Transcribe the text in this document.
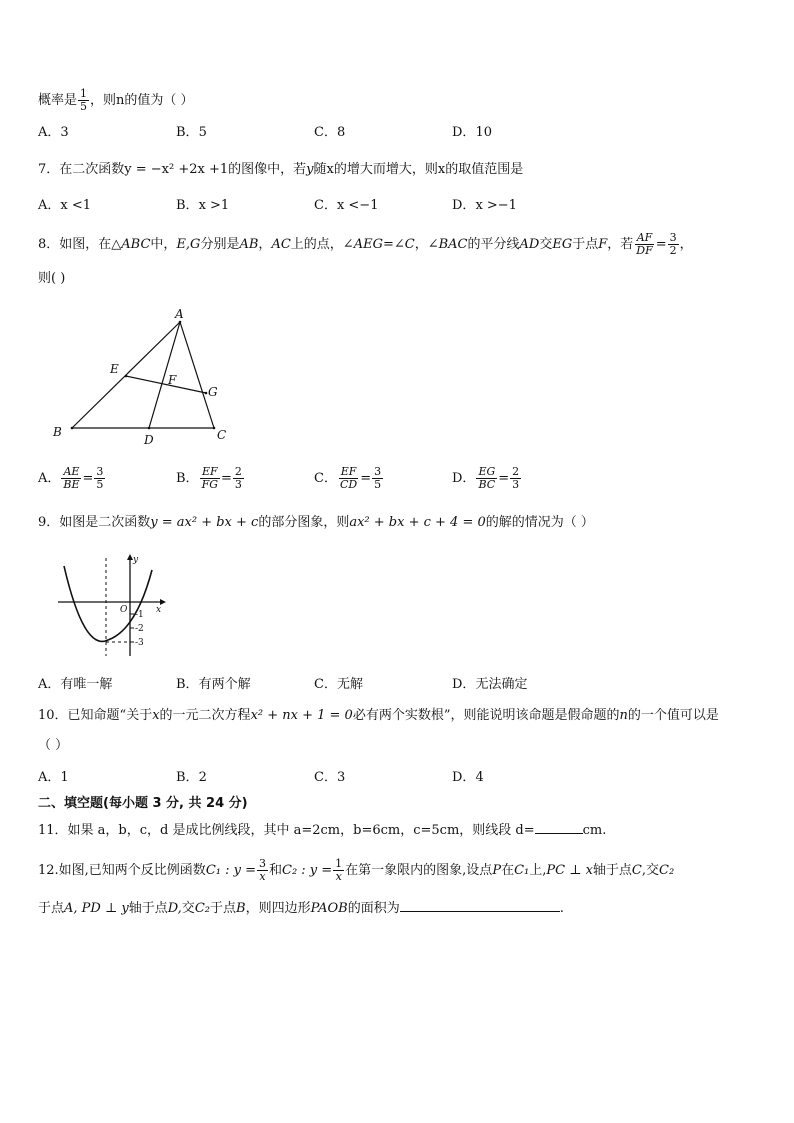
概率是 $\frac{1}{5}$ ，则n的值为（ ）
A．3	B．5	C．8	D．10
7．在二次函数y = −x² +2x +1的图像中，若y随x的增大而增大，则x的取值范围是
A．x <1	B．x >1	C．x <−1	D．x >−1
8．如图，在△ABC中，E,G分别是AB，AC上的点，∠AEG=∠C，∠BAC的平分线AD交EG于点F，若 $\frac{AF}{DF} = \frac{3}{2}$ ，
则( )
A
B	C
D
E
F
G
A． $\frac{AE}{BE} = \frac{3}{5}$	B． $\frac{EF}{FG} = \frac{2}{3}$	C． $\frac{EF}{CD} = \frac{3}{5}$	D． $\frac{EG}{BC} = \frac{2}{3}$
9．如图是二次函数y = ax² + bx + c的部分图象，则ax² + bx + c + 4 = 0的解的情况为（ ）
y
x
O -1
-2
-3
A．有唯一解	B．有两个解	C．无解	D．无法确定
10．已知命题“关于x的一元二次方程x² + nx + 1 = 0必有两个实数根”，则能说明该命题是假命题的n的一个值可以是
（ ）
A．1	B．2	C．3	D．4
二、填空题(每小题 3 分, 共 24 分)
11．如果 a，b，c，d 是成比例线段，其中 a=2cm，b=6cm，c=5cm，则线段 d=	cm.
12.如图,已知两个反比例函数C₁ : $y = \frac{3}{x}$ 和C₂ : $y = \frac{1}{x}$ 在第一象限内的图象,设点P在C₁上,PC ⊥ x轴于点C,交C₂
于点A, PD ⊥ y轴于点D,交C₂于点B，则四边形PAOB的面积为	.
